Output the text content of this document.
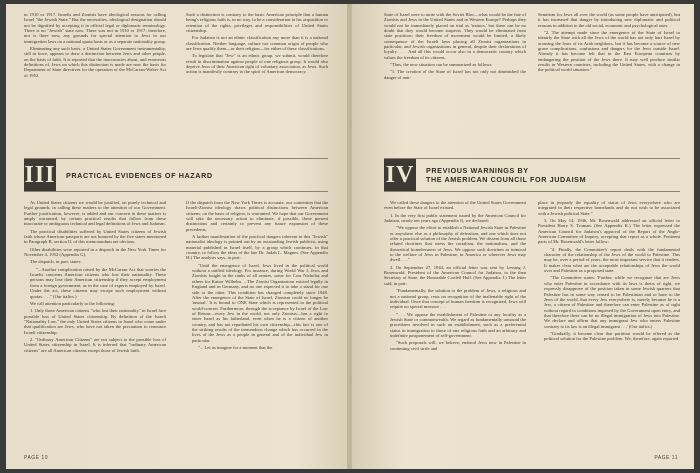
in 1910 or 1917. Israelis and Zionists have ideological reasons for calling Israel "the Jewish State." But the necessities, ideological designation should not be dignified by accepting it in official legal or diplomatic terminology. There is no "Jewish" state now. There was not in 1910 or 1917; therefore, nor is there now, any grounds for special attention to Jews in our immigration laws on a national quota basis or as a separate nationality group.

Eliminating any such basis, a United States Government instrumentality, still in force, appears to draw a distinction between Jews and other people, on the basis of faith. It is reported that the inaccuracies about, and erroneous definitions of, Jews on which this distinction is made are now the basis for Department of State directives for the operation of the McCarran-Walter Act of 1952.

Such a distinction is contrary to the basic American principle that a human being's religious faith is, in no way, to be a consideration in his acquisition or retention of the rights, privileges and responsibilities of United States citizenship.

For Judaism is not an ethnic classification any more than it is a national classification. Neither language, culture nor common origin of people who are Jews qualify them—or their religion—for either of these classifications.

To legislate that "Jew" is an ethnic group, we submit, would therefore result in discrimination against people of one religious group. It would also deprive Jews of their American right of voluntary association, as Jews. Such action is manifestly contrary to the spirit of American democracy.

III PRACTICAL EVIDENCES OF HAZARD

As United States citizens we would be justified, on purely technical and legal grounds, in calling these matters to the attention of our Government. Further justification, however, is added and our concern in these matters is amply warranted, by certain practical results that follow from these inaccurate or ambiguous technical and legal definitions of Jews and Judaism.

The practical disabilities suffered by United States citizens of Jewish faith whose American passports are not honored by the five states mentioned in Paragraph B, section II, of this memorandum are obvious.

Other disabilities were reported in a dispatch in the New York Times for November 4, 1952 (Appendix G).

The dispatch, in part, states:

"...Another complication raised by the McCarran Act that worries the Israelis concerns American citizens who lost their nationality. These persons may lose their American citizenship if they accept employment from a foreign government, as in the case of experts employed by Israel. Under the act, these citizens may escape such employment without quotas. . . ." (Our italics.)

We call attention particularly to the following:

1. Only those American citizens "who lost their nationality" in Israel face possible loss of United States citizenship. By definition of the Israeli "Nationality Law," the only United States citizens in Israel who come under that qualification are Jews, who have not taken the precaution to renounce Israeli citizenship.

2. "Ordinary American Citizens" are not subject to the possible loss of United States citizenship in Israel. It is inferred that "ordinary American citizens" are all American citizens except those of Jewish faith.

If the dispatch from the New York Times is accurate, our contention that the Israeli-Zionist ideology draws political distinctions between American citizens, on the basis of religion, is warranted. We hope that our Government will take the necessary action to eliminate, if possible, these present distinctions and certainly to prevent any future expansion of these precedents.

A further manifestation of the practical dangers inherent in this "Jewish" nationalist ideology is pointed out by an outstanding Jewish publicist, using material published in Israel itself, by a group which continues, in that country, to follow the ideas of the late Dr. Judah L. Magnes. (See Appendix H.) The analysis says, in part:

"Until the emergence of Israel, Jews lived in the political world without a unified ideology. For instance, during World War I, Jews and Zionists fought in the ranks of all armies, some for Czar Nicholas and others for Kaiser Wilhelm. ...The Zionist Organization existed legally in England and in Germany, and no one expected it to take a stand for one side or the other. This condition has changed completely since 1948. After the emergence of the State of Israel, Zionism could no longer be 'neutral.' It is bound to ONE State which is represented in the political world-concert. Furthermore, through the acceptance by Israel of the Law of Return—every Jew in the world, not only Zionists—has a right to enter Israel as his fatherland, even when he is a citizen of another country, and has not repudiated his own citizenship—this fact is one of the striking results of the tremendous change which has occurred in the lives of the Jews as a people in general and of the individual Jew in particular.

"... Let us imagine for a moment that the

PAGE 10

State of Israel were to unite with the Soviet Bloc—what would be the fate of Zionists and Jews in the United States and in Western Europe? Perhaps they would not be immediately placed on trial as 'traitors,' but there can be no doubt that they would become suspects. They would be eliminated from state positions; their freedom of movement would be limited, a likely consequence of the Israeli laws placing all Zionist organizations in particular, and Jewish organizations in general, despite their declarations of loyalty. . . . And all this would occur also in a democratic country which values the freedom of its citizens.

"Thus, the new situation can be summarized as follows:

"1. The creation of the State of Israel has not only not diminished the danger of anti-

Semitism for Jews all over the world (as some people have anticipated), but it has increased that danger by introducing new diplomatic and political reasons in addition to the old social, economic and psychological ones.

"2. The attempt made since the emergence of the State of Israel to identify the State with all the Jews of the world has not only hurt Israel by arousing the fears of its Arab neighbors, but it has become a source of new grave complications, confusions and dangers for the Jews outside Israel. Already it has become felt that in the East European countries by endangering the position of the Jews there. It may well produce similar results in Western countries, including the United States, with a change in the political world situation."

IV PREVIOUS WARNINGS BY
THE AMERICAN COUNCIL FOR JUDAISM

We called these dangers to the attention of the United States Government even before the State of Israel existed.

1. In the very first public statement issued by the American Council for Judaism, nearly ten years ago (Appendix I), we declared:

"We oppose the effort to establish a National Jewish State in Palestine or anywhere else as a philosophy of defeatism, and one which does not offer a practical solution of the Jewish problem. We dissent from all those related doctrines that stress the racialism, the nationalism, and the theoretical homelessness of Jews. We oppose such doctrines as inimical to the welfare of Jews in Palestine, in America or wherever Jews may dwell. . . ."

2. On September 27, 1944, an official letter was sent by Lessing J. Rosenwald, President of the American Council for Judaism, to the then Secretary of State, the Honorable Cordell Hull. (See Appendix J.) The letter said, in part:

"Fundamentally, the solution to the problem of Jews, a religious and not a national group, rests on recognition of the inalienable right of the individual. Once that concept of human freedom is recognized, Jews will require no special measure . . .

". . . We oppose the establishment of Palestine or any locality as a Jewish State or commonwealth. We regard as fundamentally unsound the procedures involved in such an establishment, such as a preferential status in immigration to those of one religious faith and an arbitrary and indefinite postponement of self-government.

"Such proposals will, we believe, embroil Jews now in Palestine in continuing civil strife and

place in jeopardy the equality of status of Jews everywhere who are integrated in their respective homelands and do not wish to be associated with a Jewish political State."

3. On May 14, 1946, Mr. Rosenwald addressed an official letter to President Harry S. Truman. (See Appendix K.) The letter expressed the American Council for Judaism's approval of the Report of the Anglo-American Committee of Inquiry, accepting that report as a whole. Pertinent parts of Mr. Rosenwald's letter follow:

"4. Finally, the Committee's report deals with the fundamental character of the relationship of the Jews of the world to Palestine. This may be, over a period of years, the most important service that it renders. It makes clear what are the acceptable relationships of Jews the world over and Palestine as a proposed state.

"The Committee states: 'Further, while we recognize that are Jews who enter Palestine in accordance with its laws is theirs of right, we expressly disapprove of the position taken in some Jewish quarters that Palestine has in some way ceased to be Palestinian and to have to the Jews of the world, that every Jew everywhere is, merely because he is a Jew, a citizen of Palestine and therefore can enter Palestine as of right without regard to conditions imposed by the Government upon entry, and that therefore there can be no illegal immigration of Jews into Palestine. We declare and affirm that any immigrant Jew who enters Palestine contrary to its law is an illegal immigrant . . .' (Our italics.)

"Gradually, it became clear that partition would be offered as the political solution for the Palestine problem. We, therefore, again reported

PAGE 11
